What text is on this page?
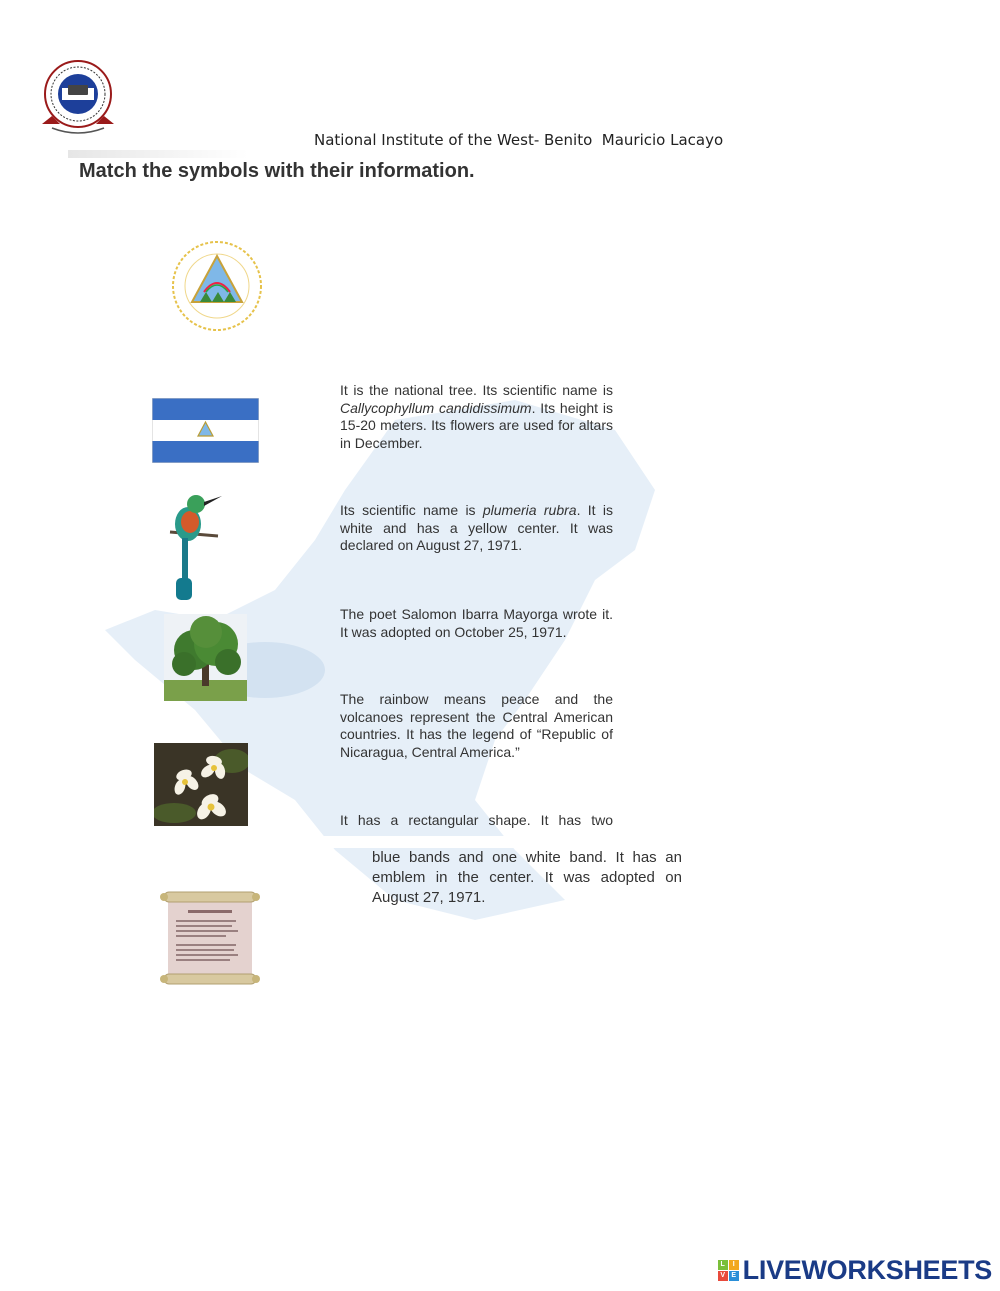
National Institute of the West- Benito  Mauricio Lacayo
Match the symbols with their information.
It is the national tree. Its scientific name is Callycophyllum candidissimum. Its height is 15-20 meters. Its flowers are used for altars in December.
Its scientific name is plumeria rubra. It is white and has a yellow center. It was declared on August 27, 1971.
The poet Salomon Ibarra Mayorga wrote it. It was adopted on October 25, 1971.
The rainbow means peace and the volcanoes represent the Central American countries. It has the legend of “Republic of Nicaragua, Central America.”
It has a rectangular shape. It has two
blue bands and one white band. It has an emblem in the center. It was adopted on August 27, 1971.
L	I
V E LIVEWORKSHEETS
